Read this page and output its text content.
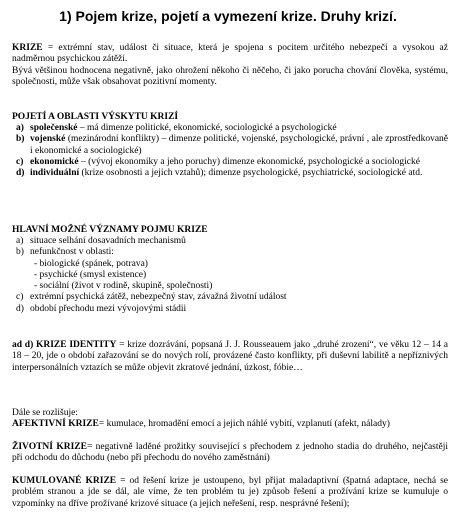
1) Pojem krize, pojetí a vymezení krize. Druhy krizí.
KRIZE = extrémní stav, událost či situace, která je spojena s pocitem určitého nebezpečí a vysokou až nadměrnou psychickou zátěží.
Bývá většinou hodnocena negativně, jako ohrožení někoho či něčeho, či jako porucha chování člověka, systému, společnosti, může však obsahovat pozitivní momenty.
POJETÍ A OBLASTI VÝSKYTU KRIZÍ
a) společenské – má dimenze politické, ekonomické, sociologické a psychologické
b) vojenské (mezinárodní konflikty) – dimenze politické, vojenské, psychologické, právní , ale zprostředkovaně i ekonomické a sociologické)
c) ekonomické – (vývoj ekonomiky a jeho poruchy) dimenze ekonomické, psychologické a sociologické
d) individuální (krize osobnosti a jejich vztahů); dimenze psychologické, psychiatrické, sociologické atd.
HLAVNÍ MOŽNÉ VÝZNAMY POJMU KRIZE
a) situace selhání dosavadních mechanismů
b) nefunkčnost v oblasti:
- biologické (spánek, potrava)
- psychické (smysl existence)
- sociální (život v rodině, skupině, společnosti)
c) extrémní psychická zátěž, nebezpečný stav, závažná životní událost
d) období přechodu mezi vývojovými stádii
ad d) KRIZE IDENTITY = krize dozrávání, popsaná J. J. Rousseauem jako „druhé zrození“, ve věku 12 – 14 a 18 – 20, jde o období zařazování se do nových rolí, provázené často konflikty, při duševní labilitě a nepříznivých interpersonálních vztazích se může objevit zkratové jednání, úzkost, fóbie…
Dále se rozlišuje:
AFEKTIVNÍ KRIZE= kumulace, hromadění emocí a jejich náhlé vybití, vzplanutí (afekt, nálady)
ŽIVOTNÍ KRIZE= negativně laděné prožitky související s přechodem z jednoho stadia do druhého, nejčastěji při odchodu do důchodu (nebo při přechodu do nového zaměstnání)
KUMULOVANÉ KRIZE = od řešení krize je ustoupeno, byl přijat maladaptivní (špatná adaptace, nechá se problém stranou a jde se dál, ale víme, že ten problém tu je) způsob řešení a prožívání krize se kumuluje o vzpomínky na dříve prožívané krizové situace (a jejich neřešení, resp. nesprávné řešení);
